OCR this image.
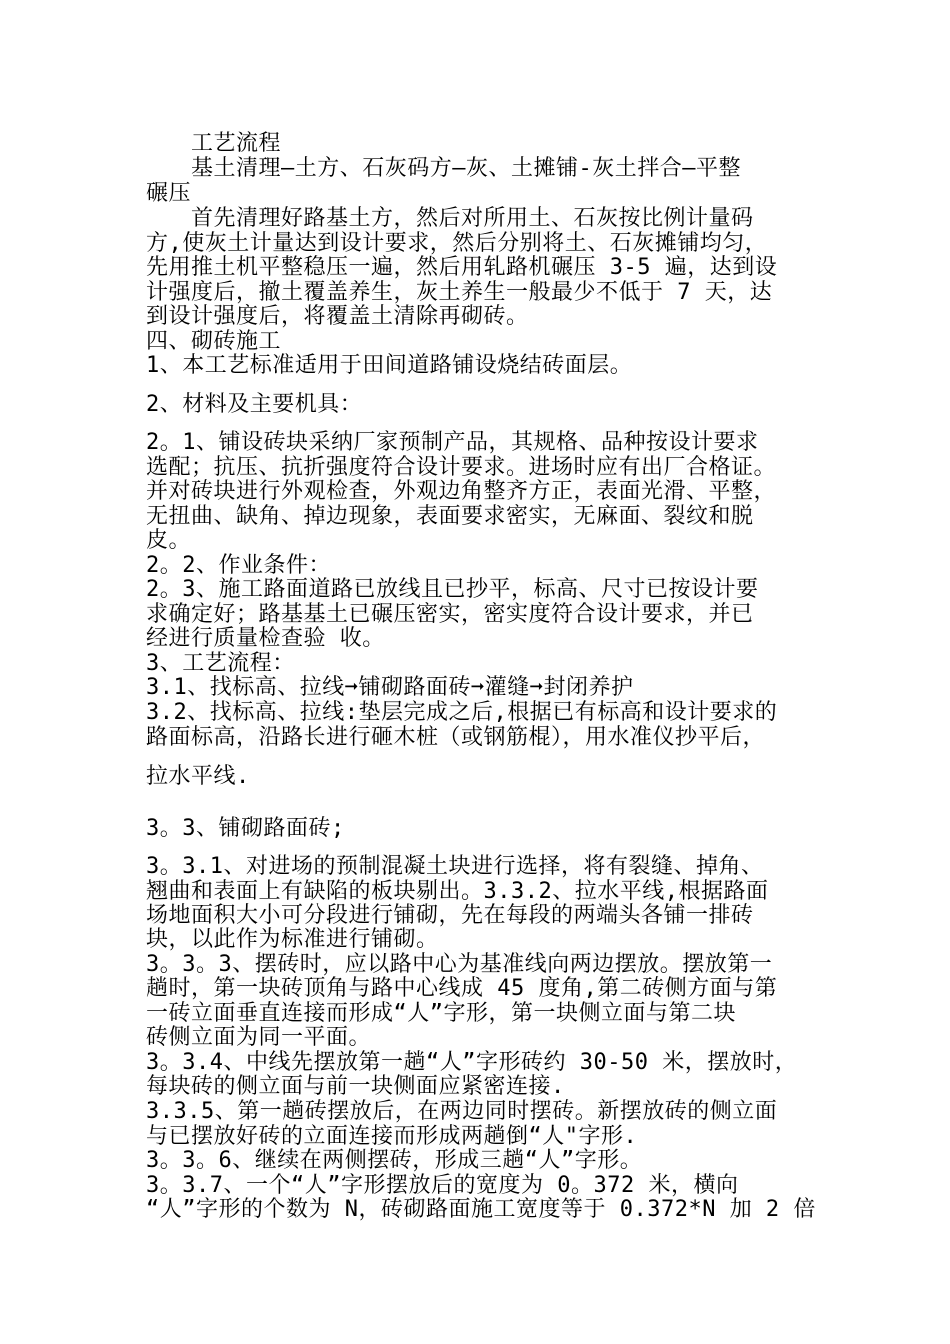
　　工艺流程

　　基土清理—土方、石灰码方—灰、土摊铺-灰土拌合—平整

碾压

　　首先清理好路基土方，然后对所用土、石灰按比例计量码

方,使灰土计量达到设计要求，然后分别将土、石灰摊铺均匀，

先用推土机平整稳压一遍，然后用轧路机碾压 3-5 遍，达到设

计强度后，撤土覆盖养生，灰土养生一般最少不低于 7 天，达

到设计强度后，将覆盖土清除再砌砖。

四、砌砖施工

1、本工艺标准适用于田间道路铺设烧结砖面层。

2、材料及主要机具：

2。1、铺设砖块采纳厂家预制产品，其规格、品种按设计要求

选配；抗压、抗折强度符合设计要求。进场时应有出厂合格证。

并对砖块进行外观检查，外观边角整齐方正，表面光滑、平整，

无扭曲、缺角、掉边现象，表面要求密实，无麻面、裂纹和脱

皮。

2。2、作业条件：

2。3、施工路面道路已放线且已抄平，标高、尺寸已按设计要

求确定好；路基基土已碾压密实，密实度符合设计要求，并已

经进行质量检查验 收。

3、工艺流程：

3.1、找标高、拉线➞铺砌路面砖➞灌缝➞封闭养护

3.2、找标高、拉线:垫层完成之后,根据已有标高和设计要求的

路面标高，沿路长进行砸木桩（或钢筋棍），用水准仪抄平后，

拉水平线.

3。3、铺砌路面砖;

3。3.1、对进场的预制混凝土块进行选择，将有裂缝、掉角、

翘曲和表面上有缺陷的板块剔出。3.3.2、拉水平线,根据路面

场地面积大小可分段进行铺砌，先在每段的两端头各铺一排砖

块，以此作为标准进行铺砌。

3。3。3、摆砖时，应以路中心为基准线向两边摆放。摆放第一

趟时，第一块砖顶角与路中心线成 45 度角,第二砖侧方面与第

一砖立面垂直连接而形成“人”字形，第一块侧立面与第二块

砖侧立面为同一平面。

3。3.4、中线先摆放第一趟“人”字形砖约 30-50 米，摆放时，

每块砖的侧立面与前一块侧面应紧密连接.

3.3.5、第一趟砖摆放后，在两边同时摆砖。新摆放砖的侧立面

与已摆放好砖的立面连接而形成两趟倒“人"字形.

3。3。6、继续在两侧摆砖，形成三趟“人”字形。

3。3.7、一个“人”字形摆放后的宽度为 0。372 米，横向

“人”字形的个数为 N，砖砌路面施工宽度等于 0.372*N 加 2 倍
